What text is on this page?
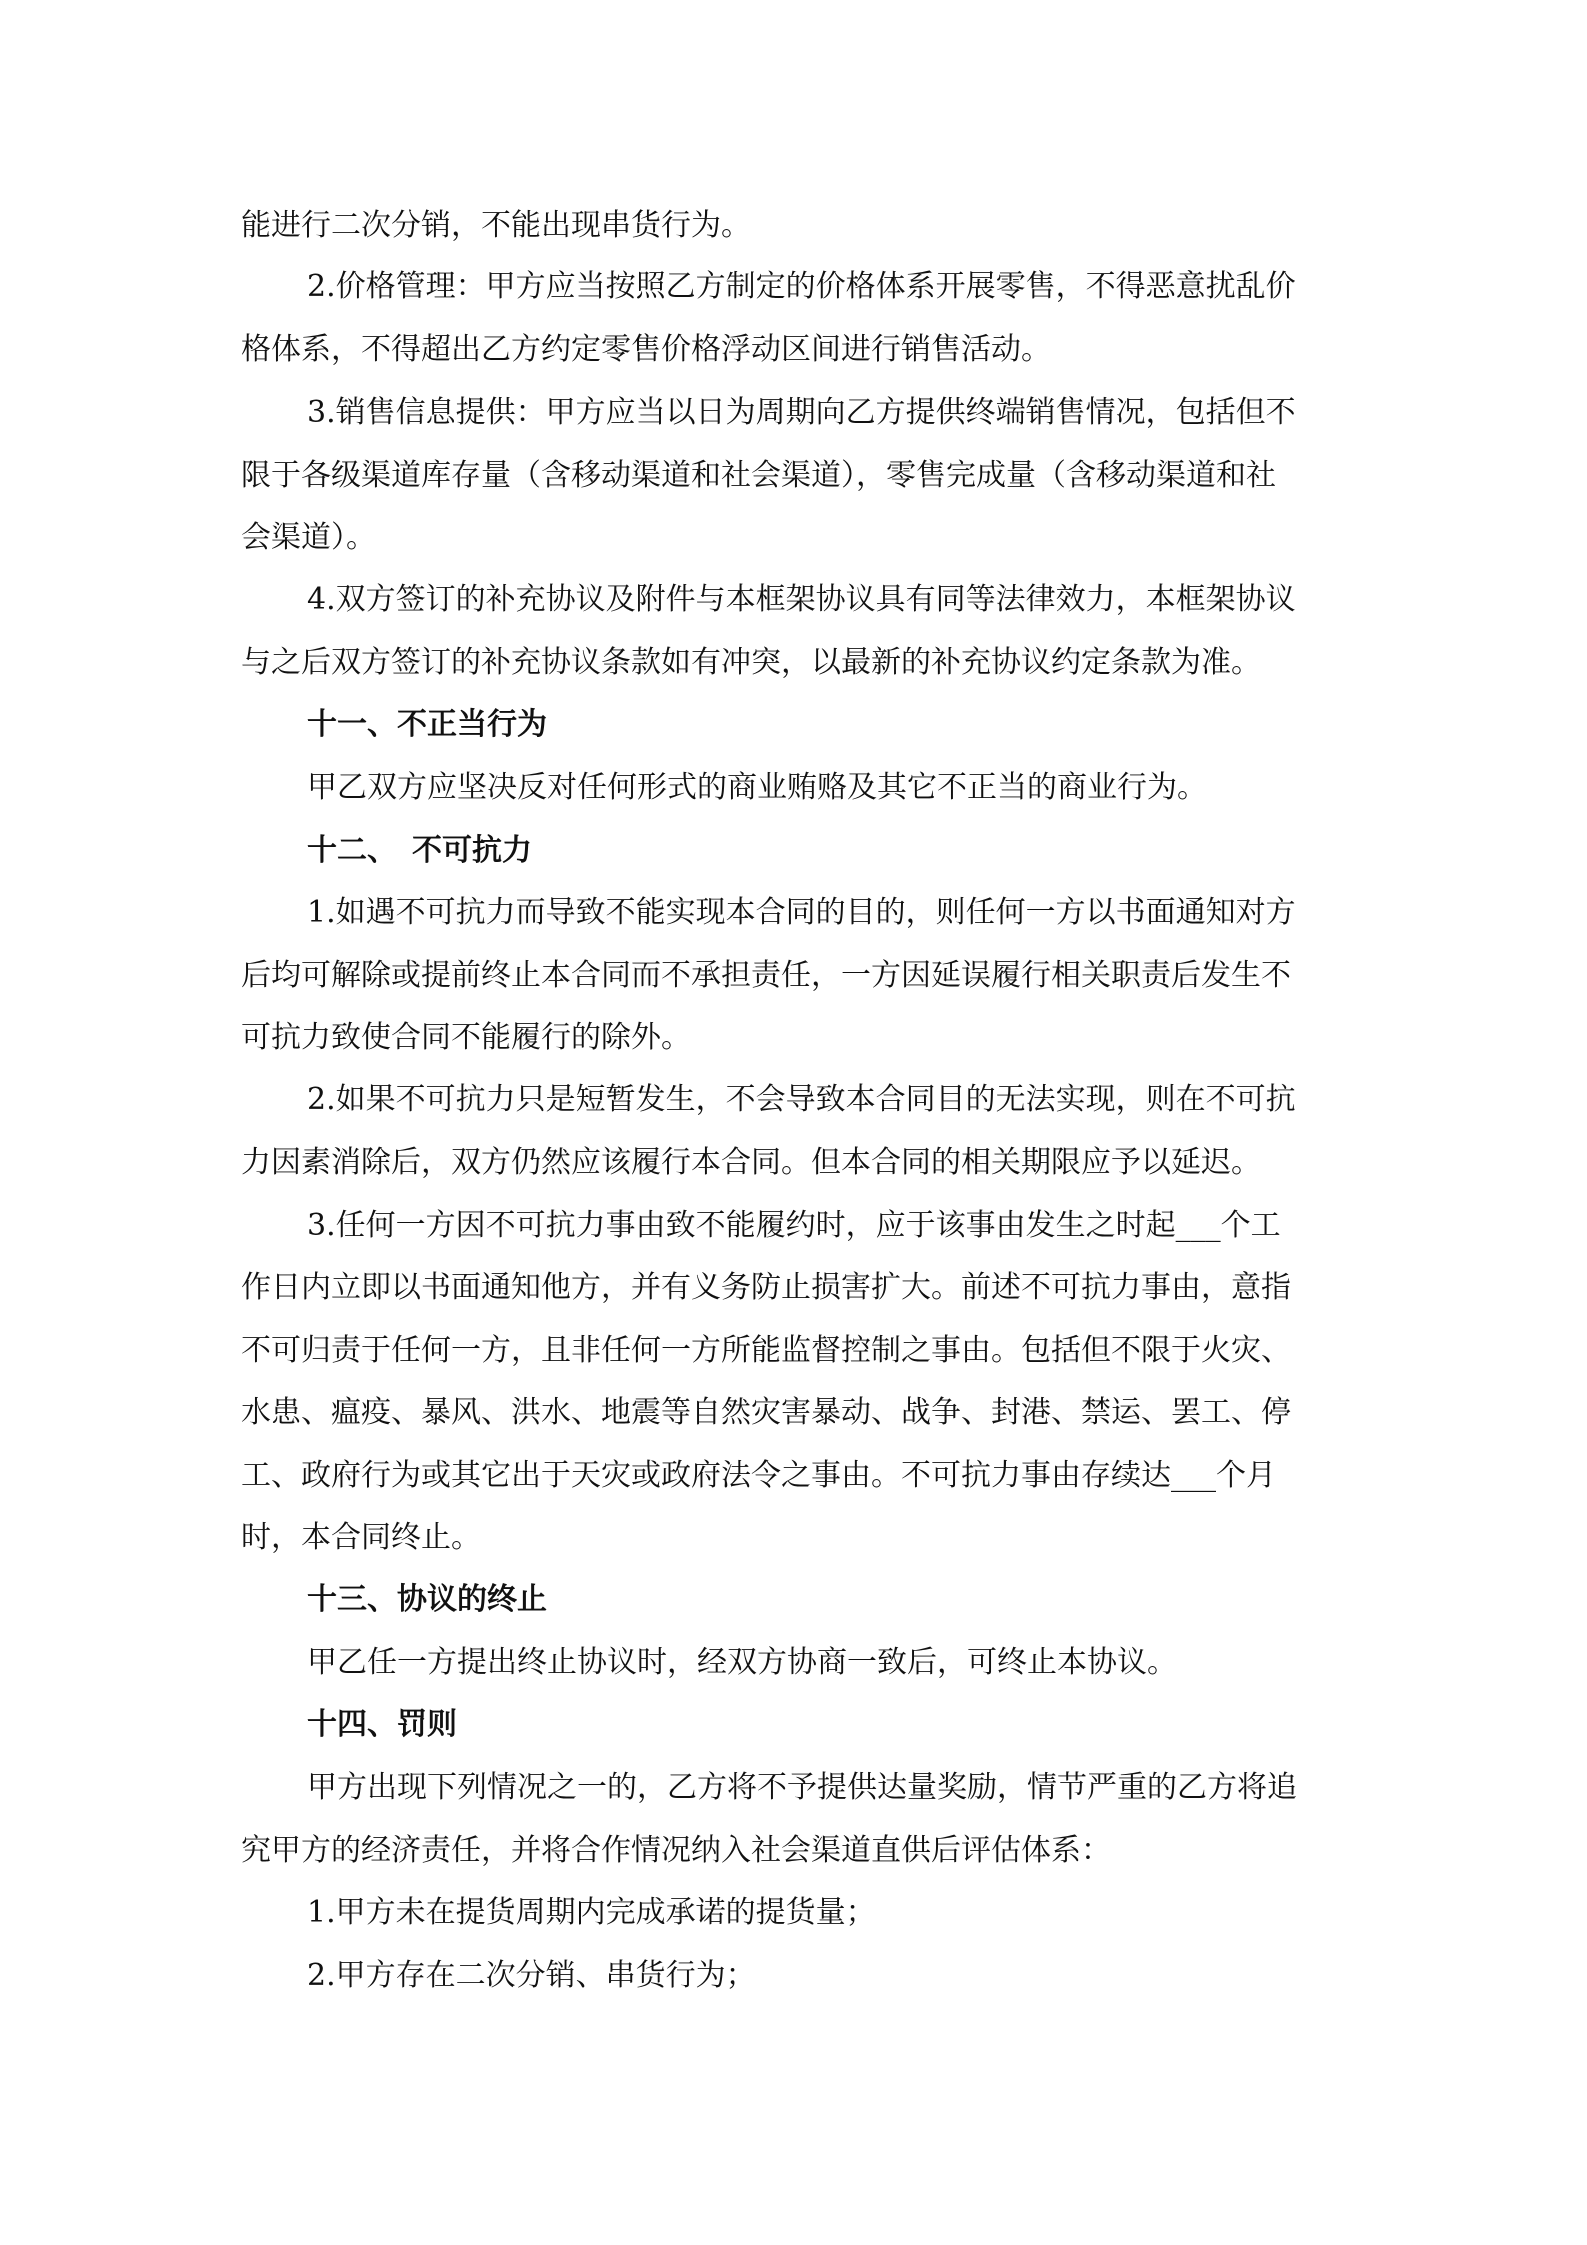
能进行二次分销，不能出现串货行为。
2.价格管理：甲方应当按照乙方制定的价格体系开展零售，不得恶意扰乱价
格体系，不得超出乙方约定零售价格浮动区间进行销售活动。
3.销售信息提供：甲方应当以日为周期向乙方提供终端销售情况，包括但不
限于各级渠道库存量（含移动渠道和社会渠道），零售完成量（含移动渠道和社
会渠道）。
4.双方签订的补充协议及附件与本框架协议具有同等法律效力，本框架协议
与之后双方签订的补充协议条款如有冲突，以最新的补充协议约定条款为准。
十一、不正当行为
甲乙双方应坚决反对任何形式的商业贿赂及其它不正当的商业行为。
十二、　不可抗力
1.如遇不可抗力而导致不能实现本合同的目的，则任何一方以书面通知对方
后均可解除或提前终止本合同而不承担责任，一方因延误履行相关职责后发生不
可抗力致使合同不能履行的除外。
2.如果不可抗力只是短暂发生，不会导致本合同目的无法实现，则在不可抗
力因素消除后，双方仍然应该履行本合同。但本合同的相关期限应予以延迟。
3.任何一方因不可抗力事由致不能履约时，应于该事由发生之时起___个工
作日内立即以书面通知他方，并有义务防止损害扩大。前述不可抗力事由，意指
不可归责于任何一方，且非任何一方所能监督控制之事由。包括但不限于火灾、
水患、瘟疫、暴风、洪水、地震等自然灾害暴动、战争、封港、禁运、罢工、停
工、政府行为或其它出于天灾或政府法令之事由。不可抗力事由存续达___个月
时，本合同终止。
十三、协议的终止
甲乙任一方提出终止协议时，经双方协商一致后，可终止本协议。
十四、罚则
甲方出现下列情况之一的，乙方将不予提供达量奖励，情节严重的乙方将追
究甲方的经济责任，并将合作情况纳入社会渠道直供后评估体系：
1.甲方未在提货周期内完成承诺的提货量；
2.甲方存在二次分销、串货行为；
